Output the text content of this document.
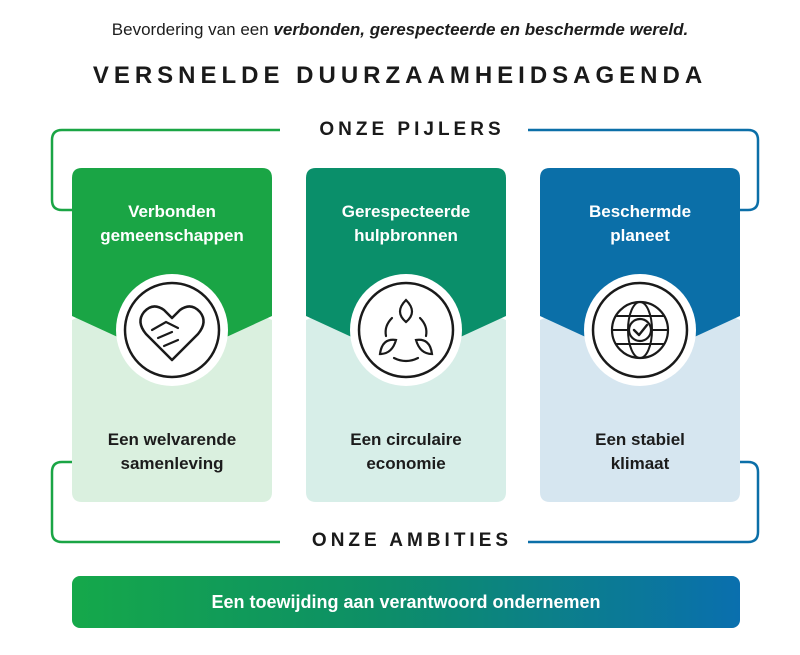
Bevordering van een verbonden, gerespecteerde en beschermde wereld.
VERSNELDE DUURZAAMHEIDSAGENDA
ONZE PIJLERS
ONZE AMBITIES
Verbonden
gemeenschappen
Gerespecteerde
hulpbronnen
Beschermde
planeet
Een welvarende
samenleving
Een circulaire
economie
Een stabiel
klimaat
Een toewijding aan verantwoord ondernemen
